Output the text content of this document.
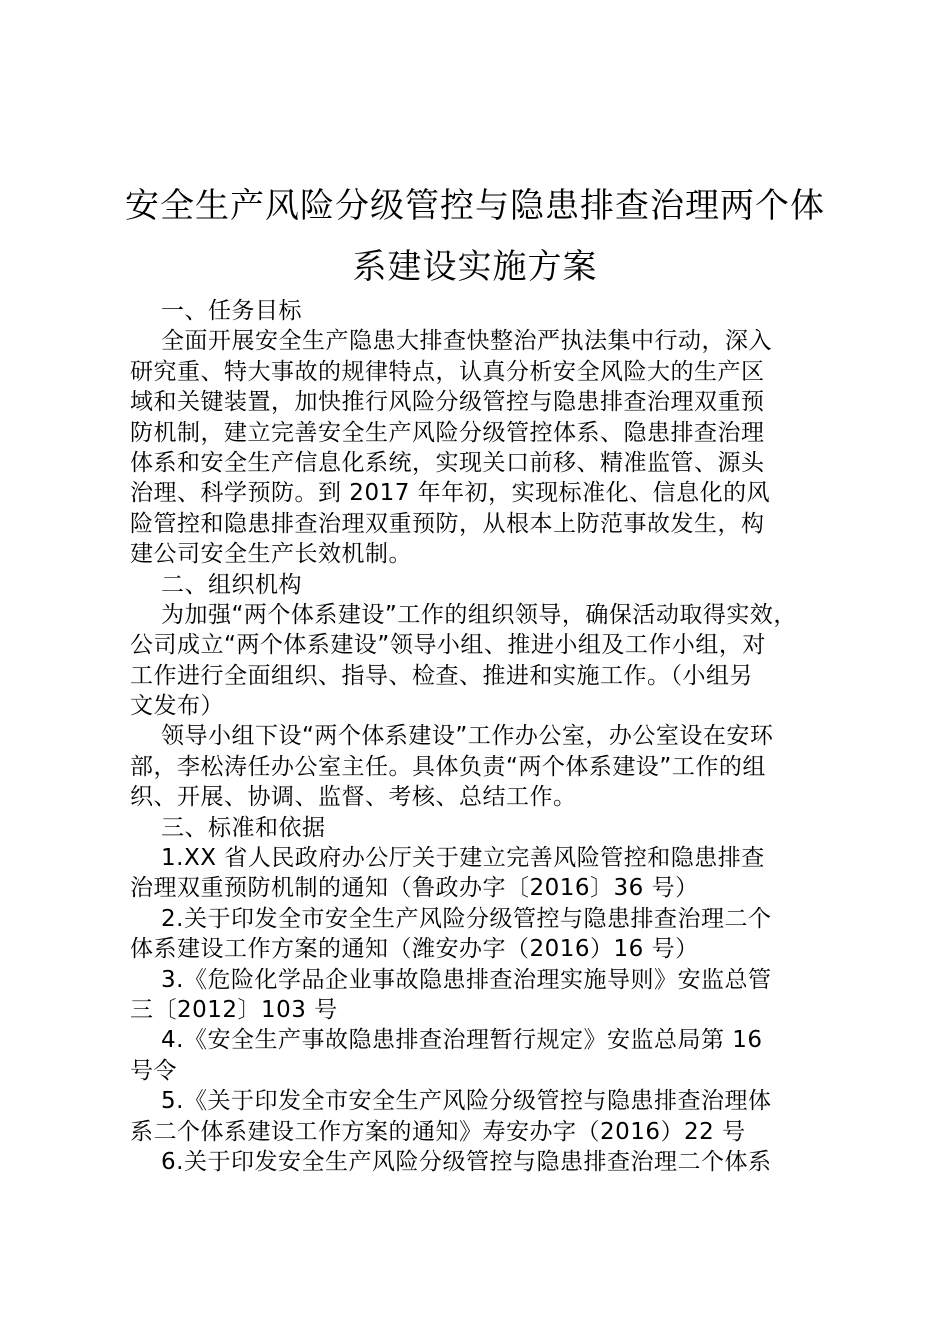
安全生产风险分级管控与隐患排查治理两个体
系建设实施方案
一、任务目标
全面开展安全生产隐患大排查快整治严执法集中行动，深入
研究重、特大事故的规律特点，认真分析安全风险大的生产区
域和关键装置，加快推行风险分级管控与隐患排查治理双重预
防机制，建立完善安全生产风险分级管控体系、隐患排查治理
体系和安全生产信息化系统，实现关口前移、精准监管、源头
治理、科学预防。到 2017 年年初，实现标准化、信息化的风
险管控和隐患排查治理双重预防，从根本上防范事故发生，构
建公司安全生产长效机制。
二、组织机构
为加强“两个体系建设”工作的组织领导，确保活动取得实效，
公司成立“两个体系建设”领导小组、推进小组及工作小组，对
工作进行全面组织、指导、检查、推进和实施工作。（小组另
文发布）
领导小组下设“两个体系建设”工作办公室，办公室设在安环
部，李松涛任办公室主任。具体负责“两个体系建设”工作的组
织、开展、协调、监督、考核、总结工作。
三、标准和依据
1.XX 省人民政府办公厅关于建立完善风险管控和隐患排查
治理双重预防机制的通知（鲁政办字〔2016〕36 号）
2.关于印发全市安全生产风险分级管控与隐患排查治理二个
体系建设工作方案的通知（潍安办字（2016）16 号）
3.《危险化学品企业事故隐患排查治理实施导则》安监总管
三〔2012〕103 号
4.《安全生产事故隐患排查治理暂行规定》安监总局第 16
号令
5.《关于印发全市安全生产风险分级管控与隐患排查治理体
系二个体系建设工作方案的通知》寿安办字（2016）22 号
6.关于印发安全生产风险分级管控与隐患排查治理二个体系
